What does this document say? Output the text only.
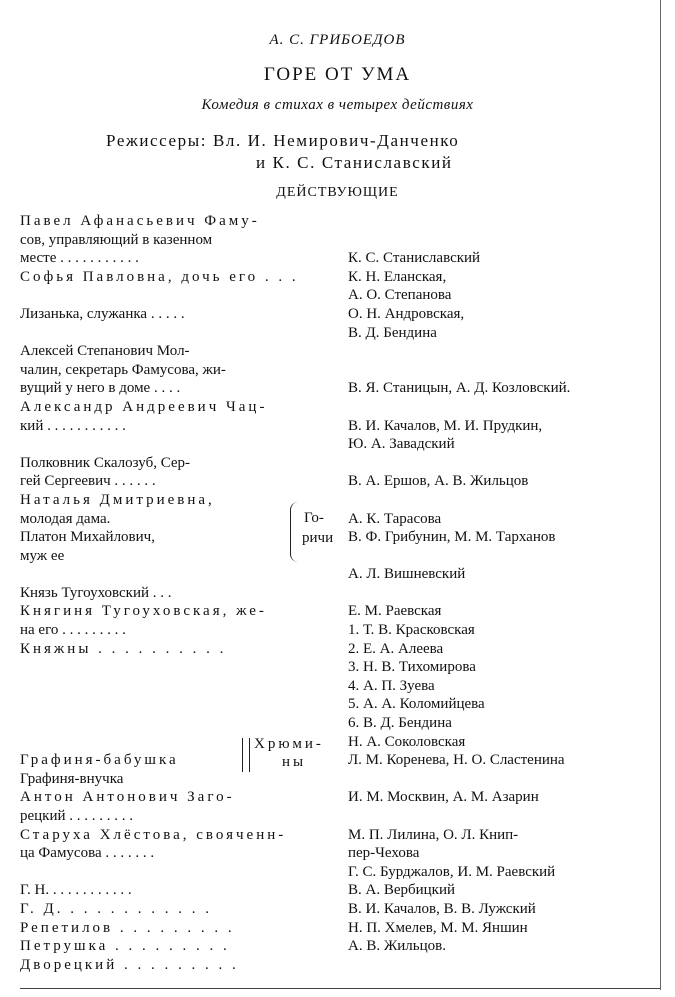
А. С. ГРИБОЕДОВ
ГОРЕ ОТ УМА
Комедия в стихах в четырех действиях
Режиссеры: Вл. И. Немирович-Данченко
и К. С. Станиславский
ДЕЙСТВУЮЩИЕ
Павел Афанасьевич Фаму-
сов, управляющий в казенном
месте . . . . . . . . . . .
Софья Павловна, дочь его . . .
Лизанька, служанка . . . . .
Алексей Степанович Мол-
чалин, секретарь Фамусова, жи-
вущий у него в доме . . . .
Александр Андреевич Чац-
кий . . . . . . . . . . .
Полковник Скалозуб, Сер-
гей Сергеевич . . . . . .
Наталья Дмитриевна,
молодая дама.
Платон Михайлович,
муж ее
Князь Тугоуховский . . .
Княгиня Тугоуховская, же-
на его . . . . . . . . .
Княжны . . . . . . . . . .
Графиня-бабушка
Графиня-внучка
Антон Антонович Заго-
рецкий . . . . . . . . .
Старуха Хлёстова, свояченн-
ца Фамусова . . . . . . .
Г. Н. . . . . . . . . . . .
Г. Д. . . . . . . . . . . .
Репетилов . . . . . . . . .
Петрушка . . . . . . . . .
Дворецкий . . . . . . . . .
К. С. Станиславский
К. Н. Еланская,
А. О. Степанова
О. Н. Андровская,
В. Д. Бендина
В. Я. Станицын, А. Д. Козловский.
В. И. Качалов, М. И. Прудкин,
Ю. А. Завадский
В. А. Ершов, А. В. Жильцов
А. К. Тарасова
В. Ф. Грибунин, М. М. Тарханов
А. Л. Вишневский
Е. М. Раевская
1. Т. В. Красковская
2. Е. А. Алеева
3. Н. В. Тихомирова
4. А. П. Зуева
5. А. А. Коломийцева
6. В. Д. Бендина
Н. А. Соколовская
Л. М. Коренева, Н. О. Сластенина
И. М. Москвин, А. М. Азарин
М. П. Лилина, О. Л. Книп-
пер-Чехова
Г. С. Бурджалов, И. М. Раевский
В. А. Вербицкий
В. И. Качалов, В. В. Лужский
Н. П. Хмелев, М. М. Яншин
А. В. Жильцов.
Го-
ричи
Хрюми-
ны
